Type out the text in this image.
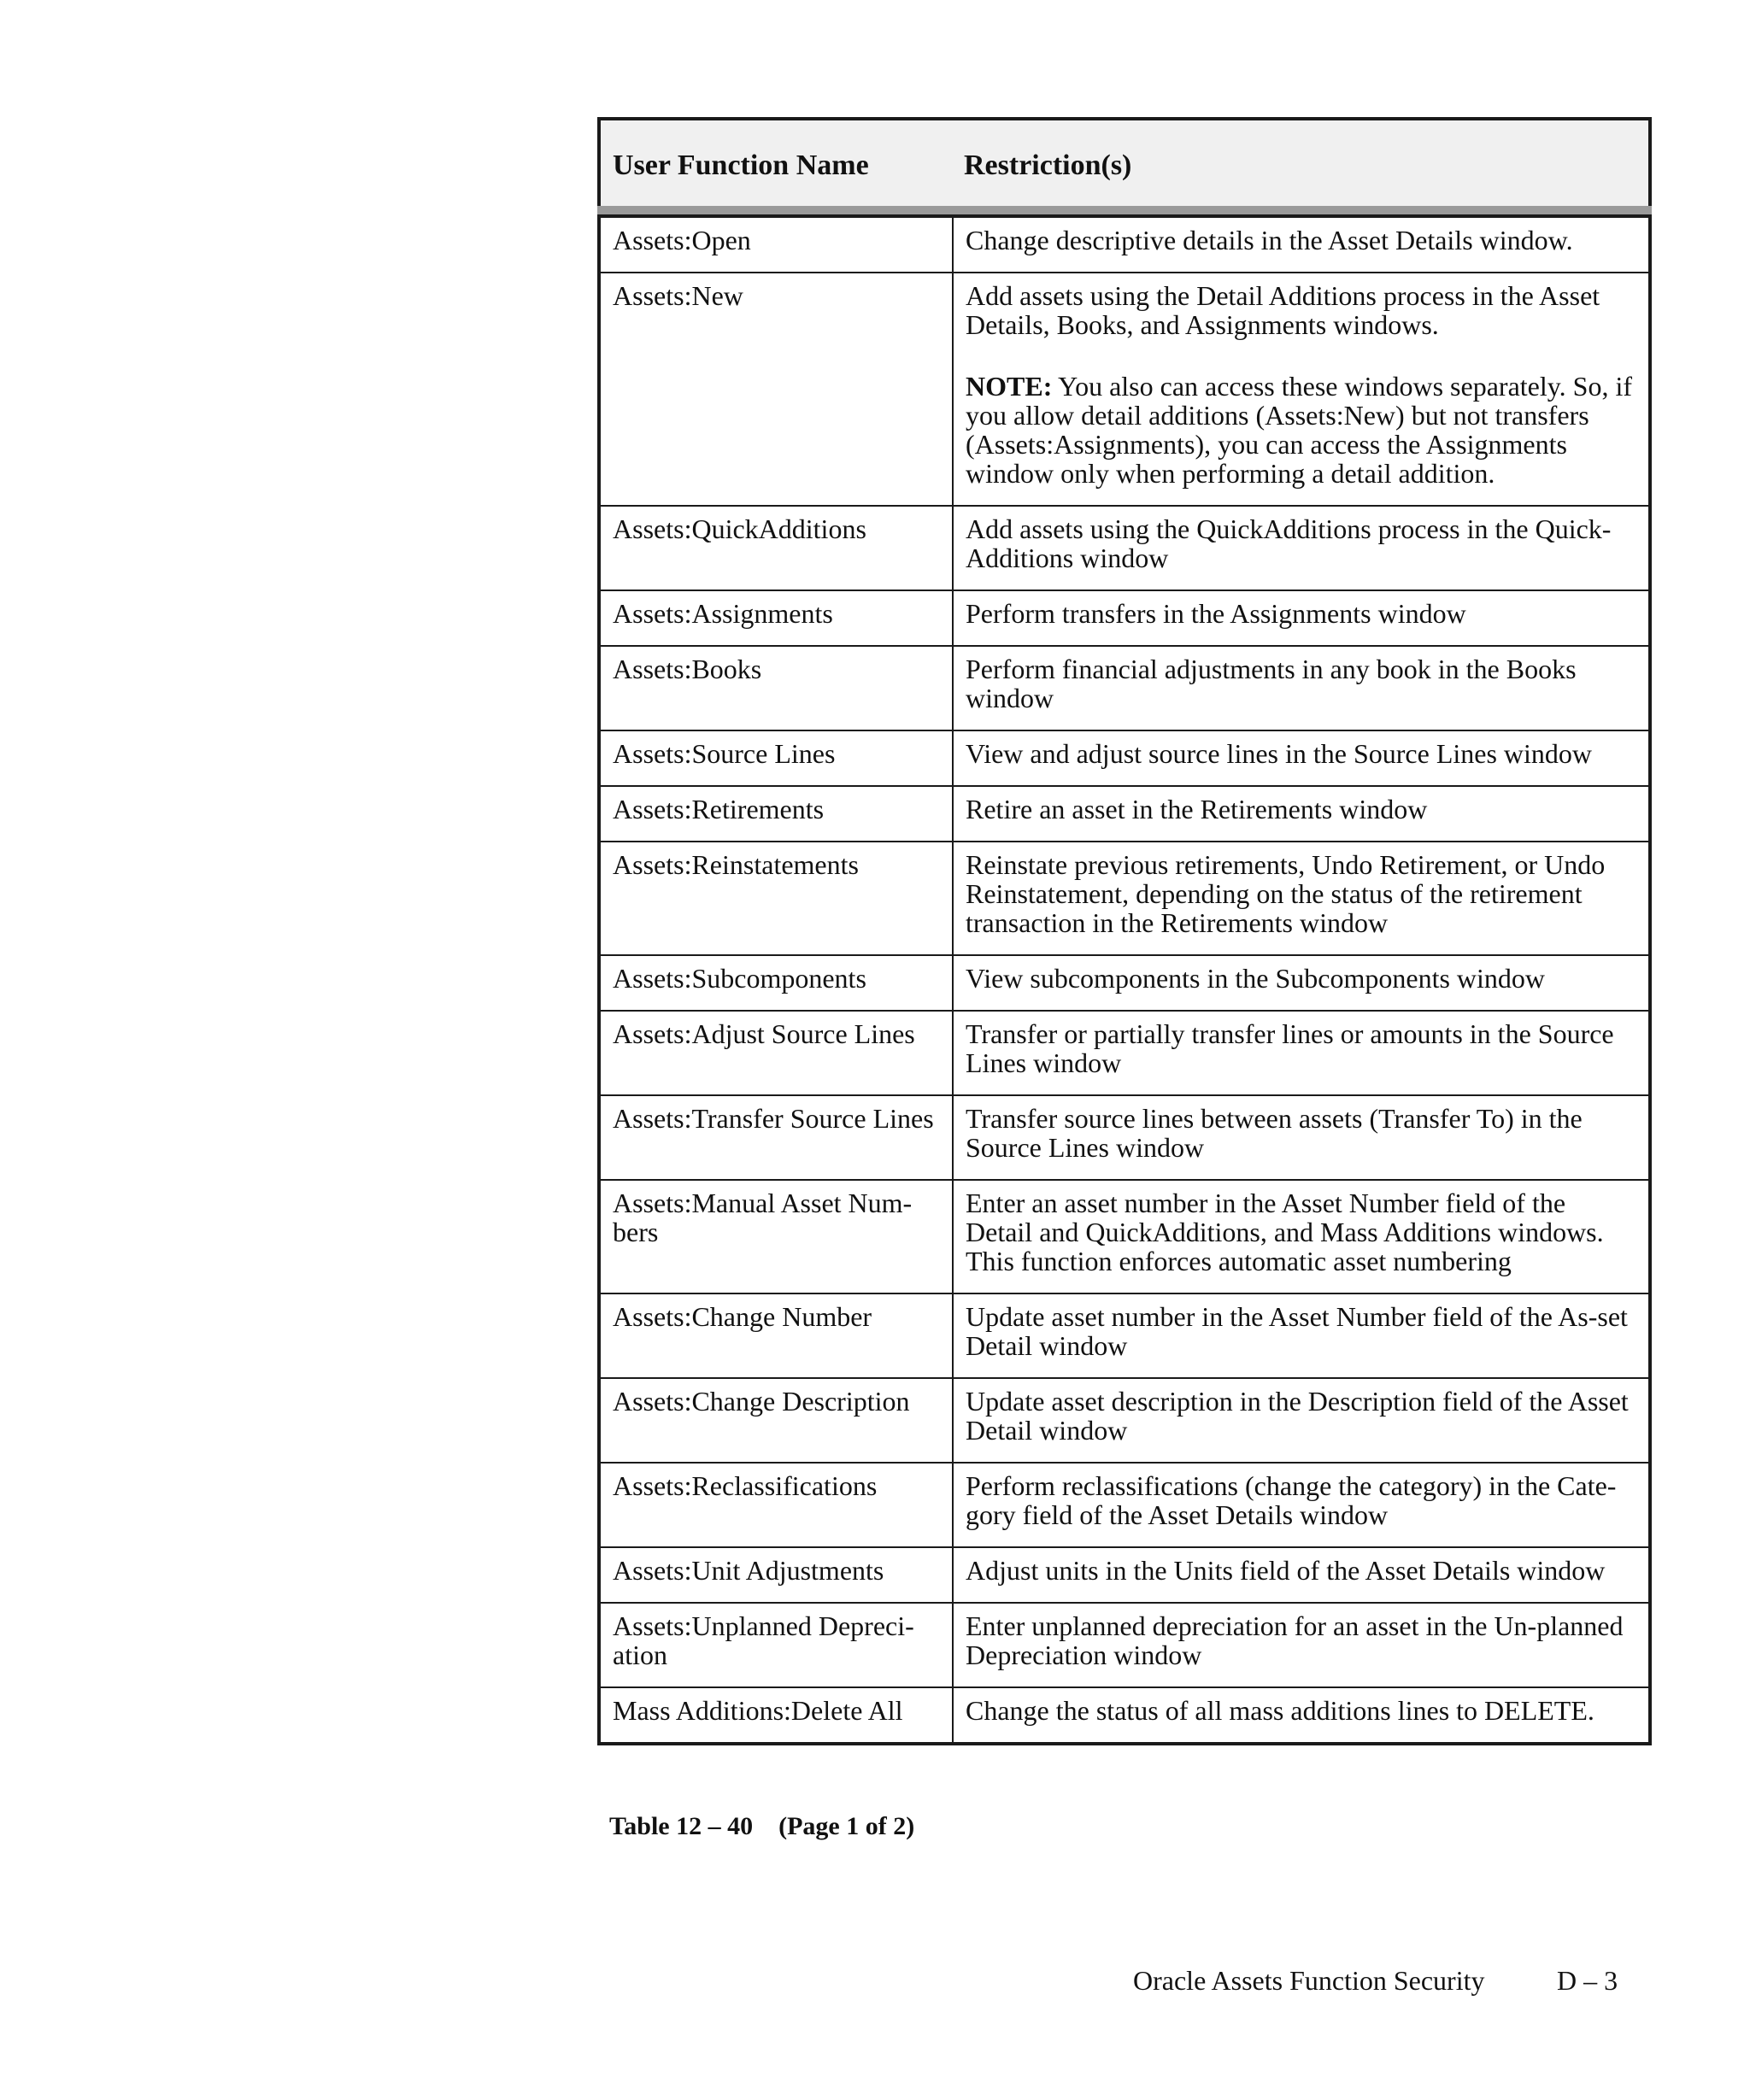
User Function Name	Restriction(s)
Assets:Open	Change descriptive details in the Asset Details window.

Assets:New	Add assets using the Detail Additions process in the Asset Details, Books, and Assignments windows.

NOTE: You also can access these windows separately. So, if you allow detail additions (Assets:New) but not transfers (Assets:Assignments), you can access the Assignments window only when performing a detail addition.

Assets:QuickAdditions	Add assets using the QuickAdditions process in the Quick-Additions window

Assets:Assignments	Perform transfers in the Assignments window

Assets:Books	Perform financial adjustments in any book in the Books window

Assets:Source Lines	View and adjust source lines in the Source Lines window

Assets:Retirements	Retire an asset in the Retirements window

Assets:Reinstatements	Reinstate previous retirements, Undo Retirement, or Undo Reinstatement, depending on the status of the retirement transaction in the Retirements window

Assets:Subcomponents	View subcomponents in the Subcomponents window

Assets:Adjust Source Lines	Transfer or partially transfer lines or amounts in the Source Lines window

Assets:Transfer Source Lines	Transfer source lines between assets (Transfer To) in the Source Lines window

Assets:Manual Asset Num-bers	Enter an asset number in the Asset Number field of the Detail and QuickAdditions, and Mass Additions windows. This function enforces automatic asset numbering

Assets:Change Number	Update asset number in the Asset Number field of the As-set Detail window

Assets:Change Description	Update asset description in the Description field of the Asset Detail window

Assets:Reclassifications	Perform reclassifications (change the category) in the Cate-gory field of the Asset Details window

Assets:Unit Adjustments	Adjust units in the Units field of the Asset Details window

Assets:Unplanned Depreci-ation	Enter unplanned depreciation for an asset in the Un-planned Depreciation window

Mass Additions:Delete All	Change the status of all mass additions lines to DELETE.

Table 12 – 40    (Page 1 of 2)
Oracle Assets Function Security	D – 3
